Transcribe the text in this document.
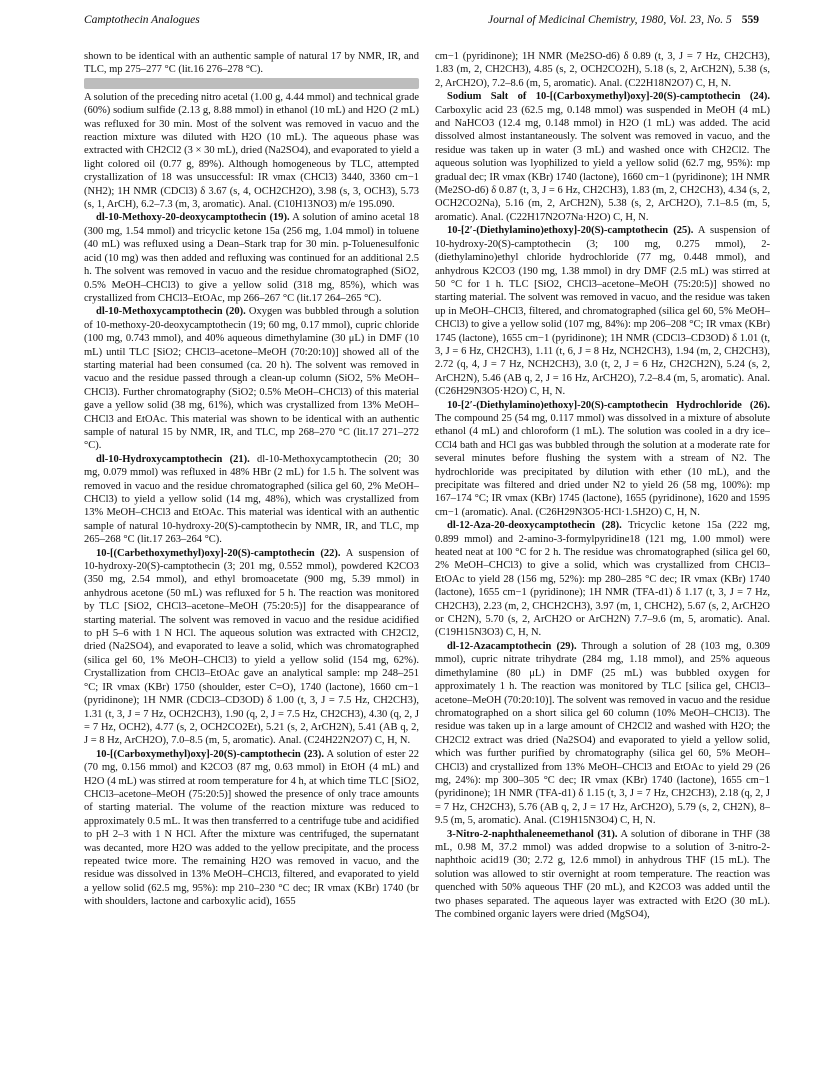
Camptothecin Analogues	Journal of Medicinal Chemistry, 1980, Vol. 23, No. 5 559

shown to be identical with an authentic sample of natural 17 by NMR, IR, and TLC, mp 275–277 °C (lit.16 276–278 °C).

A solution of the preceding nitro acetal (1.00 g, 4.44 mmol) and technical grade (60%) sodium sulfide (2.13 g, 8.88 mmol) in ethanol (10 mL) and H2O (2 mL) was refluxed for 30 min. Most of the solvent was removed in vacuo and the reaction mixture was diluted with H2O (10 mL). The aqueous phase was extracted with CH2Cl2 (3 × 30 mL), dried (Na2SO4), and evaporated to yield a light colored oil (0.77 g, 89%). Although homogeneous by TLC, attempted crystallization of 18 was unsuccessful: IR νmax (CHCl3) 3440, 3360 cm−1 (NH2); 1H NMR (CDCl3) δ 3.67 (s, 4, OCH2CH2O), 3.98 (s, 3, OCH3), 5.73 (s, 1, ArCH), 6.2–7.3 (m, 3, aromatic). Anal. (C10H13NO3) m/e 195.090.

dl-10-Methoxy-20-deoxycamptothecin (19). A solution of amino acetal 18 (300 mg, 1.54 mmol) and tricyclic ketone 15a (256 mg, 1.04 mmol) in toluene (40 mL) was refluxed using a Dean–Stark trap for 30 min. p-Toluenesulfonic acid (10 mg) was then added and refluxing was continued for an additional 2.5 h. The solvent was removed in vacuo and the residue chromatographed (SiO2, 0.5% MeOH–CHCl3) to give a yellow solid (318 mg, 85%), which was crystallized from CHCl3–EtOAc, mp 266–267 °C (lit.17 264–265 °C).

dl-10-Methoxycamptothecin (20). Oxygen was bubbled through a solution of 10-methoxy-20-deoxycamptothecin (19; 60 mg, 0.17 mmol), cupric chloride (100 mg, 0.743 mmol), and 40% aqueous dimethylamine (30 μL) in DMF (10 mL) until TLC [SiO2; CHCl3–acetone–MeOH (70:20:10)] showed all of the starting material had been consumed (ca. 20 h). The solvent was removed in vacuo and the residue passed through a clean-up column (SiO2, 5% MeOH–CHCl3). Further chromatography (SiO2; 0.5% MeOH–CHCl3) of this material gave a yellow solid (38 mg, 61%), which was crystallized from 13% MeOH–CHCl3 and EtOAc. This material was shown to be identical with an authentic sample of natural 15 by NMR, IR, and TLC, mp 268–270 °C (lit.17 271–272 °C).

dl-10-Hydroxycamptothecin (21). dl-10-Methoxycamptothecin (20; 30 mg, 0.079 mmol) was refluxed in 48% HBr (2 mL) for 1.5 h. The solvent was removed in vacuo and the residue chromatographed (silica gel 60, 2% MeOH–CHCl3) to yield a yellow solid (14 mg, 48%), which was crystallized from 13% MeOH–CHCl3 and EtOAc. This material was identical with an authentic sample of natural 10-hydroxy-20(S)-camptothecin by NMR, IR, and TLC, mp 265–268 °C (lit.17 263–264 °C).

10-[(Carbethoxymethyl)oxy]-20(S)-camptothecin (22). A suspension of 10-hydroxy-20(S)-camptothecin (3; 201 mg, 0.552 mmol), powdered K2CO3 (350 mg, 2.54 mmol), and ethyl bromoacetate (900 mg, 5.39 mmol) in anhydrous acetone (50 mL) was refluxed for 5 h. The reaction was monitored by TLC [SiO2, CHCl3–acetone–MeOH (75:20:5)] for the disappearance of starting material. The solvent was removed in vacuo and the residue acidified to pH 5–6 with 1 N HCl. The aqueous solution was extracted with CH2Cl2, dried (Na2SO4), and evaporated to leave a solid, which was chromatographed (silica gel 60, 1% MeOH–CHCl3) to yield a yellow solid (154 mg, 62%). Crystallization from CHCl3–EtOAc gave an analytical sample: mp 248–251 °C; IR νmax (KBr) 1750 (shoulder, ester C=O), 1740 (lactone), 1660 cm−1 (pyridinone); 1H NMR (CDCl3–CD3OD) δ 1.00 (t, 3, J = 7.5 Hz, CH2CH3), 1.31 (t, 3, J = 7 Hz, OCH2CH3), 1.90 (q, 2, J = 7.5 Hz, CH2CH3), 4.30 (q, 2, J = 7 Hz, OCH2), 4.77 (s, 2, OCH2CO2Et), 5.21 (s, 2, ArCH2N), 5.41 (AB q, 2, J = 8 Hz, ArCH2O), 7.0–8.5 (m, 5, aromatic). Anal. (C24H22N2O7) C, H, N.

10-[(Carboxymethyl)oxy]-20(S)-camptothecin (23). A solution of ester 22 (70 mg, 0.156 mmol) and K2CO3 (87 mg, 0.63 mmol) in EtOH (4 mL) and H2O (4 mL) was stirred at room temperature for 4 h, at which time TLC [SiO2, CHCl3–acetone–MeOH (75:20:5)] showed the presence of only trace amounts of starting material. The volume of the reaction mixture was reduced to approximately 0.5 mL. It was then transferred to a centrifuge tube and acidified to pH 2–3 with 1 N HCl. After the mixture was centrifuged, the supernatant was decanted, more H2O was added to the yellow precipitate, and the process repeated twice more. The remaining H2O was removed in vacuo, and the residue was dissolved in 13% MeOH–CHCl3, filtered, and evaporated to yield a yellow solid (62.5 mg, 95%): mp 210–230 °C dec; IR νmax (KBr) 1740 (br with shoulders, lactone and carboxylic acid), 1655

cm−1 (pyridinone); 1H NMR (Me2SO-d6) δ 0.89 (t, 3, J = 7 Hz, CH2CH3), 1.83 (m, 2, CH2CH3), 4.85 (s, 2, OCH2CO2H), 5.18 (s, 2, ArCH2N), 5.38 (s, 2, ArCH2O), 7.2–8.6 (m, 5, aromatic). Anal. (C22H18N2O7) C, H, N.

Sodium Salt of 10-[(Carboxymethyl)oxy]-20(S)-camptothecin (24). Carboxylic acid 23 (62.5 mg, 0.148 mmol) was suspended in MeOH (4 mL) and NaHCO3 (12.4 mg, 0.148 mmol) in H2O (1 mL) was added. The acid dissolved almost instantaneously. The solvent was removed in vacuo, and the residue was taken up in water (3 mL) and washed once with CH2Cl2. The aqueous solution was lyophilized to yield a yellow solid (62.7 mg, 95%): mp gradual dec; IR νmax (KBr) 1740 (lactone), 1660 cm−1 (pyridinone); 1H NMR (Me2SO-d6) δ 0.87 (t, 3, J = 6 Hz, CH2CH3), 1.83 (m, 2, CH2CH3), 4.34 (s, 2, OCH2CO2Na), 5.16 (m, 2, ArCH2N), 5.38 (s, 2, ArCH2O), 7.1–8.5 (m, 5, aromatic). Anal. (C22H17N2O7Na·H2O) C, H, N.

10-[2′-(Diethylamino)ethoxy]-20(S)-camptothecin (25). A suspension of 10-hydroxy-20(S)-camptothecin (3; 100 mg, 0.275 mmol), 2-(diethylamino)ethyl chloride hydrochloride (77 mg, 0.448 mmol), and anhydrous K2CO3 (190 mg, 1.38 mmol) in dry DMF (2.5 mL) was stirred at 50 °C for 1 h. TLC [SiO2, CHCl3–acetone–MeOH (75:20:5)] showed no starting material. The solvent was removed in vacuo, and the residue was taken up in MeOH–CHCl3, filtered, and chromatographed (silica gel 60, 5% MeOH–CHCl3) to give a yellow solid (107 mg, 84%): mp 206–208 °C; IR νmax (KBr) 1745 (lactone), 1655 cm−1 (pyridinone); 1H NMR (CDCl3–CD3OD) δ 1.01 (t, 3, J = 6 Hz, CH2CH3), 1.11 (t, 6, J = 8 Hz, NCH2CH3), 1.94 (m, 2, CH2CH3), 2.72 (q, 4, J = 7 Hz, NCH2CH3), 3.0 (t, 2, J = 6 Hz, CH2CH2N), 5.24 (s, 2, ArCH2N), 5.46 (AB q, 2, J = 16 Hz, ArCH2O), 7.2–8.4 (m, 5, aromatic). Anal. (C26H29N3O5·H2O) C, H, N.

10-[2′-(Diethylamino)ethoxy]-20(S)-camptothecin Hydrochloride (26). The compound 25 (54 mg, 0.117 mmol) was dissolved in a mixture of absolute ethanol (4 mL) and chloroform (1 mL). The solution was cooled in a dry ice–CCl4 bath and HCl gas was bubbled through the solution at a moderate rate for several minutes before flushing the system with a stream of N2. The hydrochloride was precipitated by dilution with ether (10 mL), and the precipitate was filtered and dried under N2 to yield 26 (58 mg, 100%): mp 167–174 °C; IR νmax (KBr) 1745 (lactone), 1655 (pyridinone), 1620 and 1595 cm−1 (aromatic). Anal. (C26H29N3O5·HCl·1.5H2O) C, H, N.

dl-12-Aza-20-deoxycamptothecin (28). Tricyclic ketone 15a (222 mg, 0.899 mmol) and 2-amino-3-formylpyridine18 (121 mg, 1.00 mmol) were heated neat at 100 °C for 2 h. The residue was chromatographed (silica gel 60, 2% MeOH–CHCl3) to give a solid, which was crystallized from CHCl3–EtOAc to yield 28 (156 mg, 52%): mp 280–285 °C dec; IR νmax (KBr) 1740 (lactone), 1655 cm−1 (pyridinone); 1H NMR (TFA-d1) δ 1.17 (t, 3, J = 7 Hz, CH2CH3), 2.23 (m, 2, CHCH2CH3), 3.97 (m, 1, CHCH2), 5.67 (s, 2, ArCH2O or CH2N), 5.70 (s, 2, ArCH2O or ArCH2N) 7.7–9.6 (m, 5, aromatic). Anal. (C19H15N3O3) C, H, N.

dl-12-Azacamptothecin (29). Through a solution of 28 (103 mg, 0.309 mmol), cupric nitrate trihydrate (284 mg, 1.18 mmol), and 25% aqueous dimethylamine (80 μL) in DMF (25 mL) was bubbled oxygen for approximately 1 h. The reaction was monitored by TLC [silica gel, CHCl3–acetone–MeOH (70:20:10)]. The solvent was removed in vacuo and the residue chromatographed on a short silica gel 60 column (10% MeOH–CHCl3). The residue was taken up in a large amount of CH2Cl2 and washed with H2O; the CH2Cl2 extract was dried (Na2SO4) and evaporated to yield a yellow solid, which was further purified by chromatography (silica gel 60, 5% MeOH–CHCl3) and crystallized from 13% MeOH–CHCl3 and EtOAc to yield 29 (26 mg, 24%): mp 300–305 °C dec; IR νmax (KBr) 1740 (lactone), 1655 cm−1 (pyridinone); 1H NMR (TFA-d1) δ 1.15 (t, 3, J = 7 Hz, CH2CH3), 2.18 (q, 2, J = 7 Hz, CH2CH3), 5.76 (AB q, 2, J = 17 Hz, ArCH2O), 5.79 (s, 2, CH2N), 8–9.5 (m, 5, aromatic). Anal. (C19H15N3O4) C, H, N.

3-Nitro-2-naphthaleneemethanol (31). A solution of diborane in THF (38 mL, 0.98 M, 37.2 mmol) was added dropwise to a solution of 3-nitro-2-naphthoic acid19 (30; 2.72 g, 12.6 mmol) in anhydrous THF (15 mL). The solution was allowed to stir overnight at room temperature. The reaction was quenched with 50% aqueous THF (20 mL), and K2CO3 was added until the two phases separated. The aqueous layer was extracted with Et2O (30 mL). The combined organic layers were dried (MgSO4),
